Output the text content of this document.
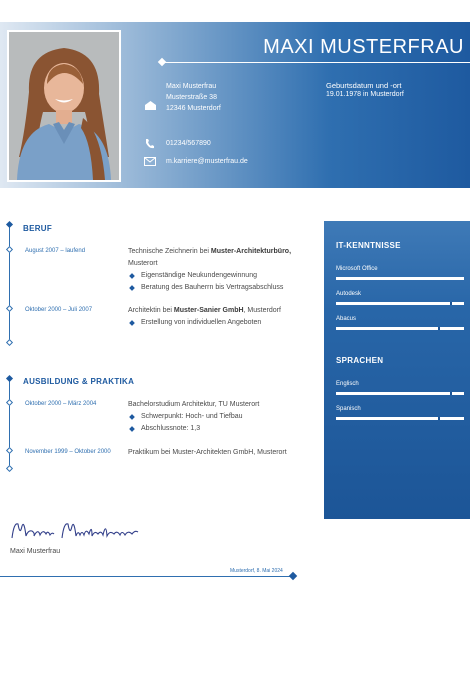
MAXI MUSTERFRAU
Maxi Musterfrau
Musterstraße 38
12346 Musterdorf
Geburtsdatum und -ort
19.01.1978 in Musterdorf
01234/567890
m.karriere@musterfrau.de
IT-KENNTNISSE
Microsoft Office
Autodesk
Abacus
SPRACHEN
Englisch
Spanisch
BERUF
August 2007 – laufend	Technische Zeichnerin bei Muster-Architekturbüro,
Musterort
Eigenständige Neukundengewinnung
Beratung des Bauherrn bis Vertragsabschluss
Oktober 2000 – Juli 2007	Architektin bei Muster-Sanier GmbH, Musterdorf
Erstellung von individuellen Angeboten
AUSBILDUNG & PRAKTIKA
Oktober 2000 – März 2004	Bachelorstudium Architektur, TU Musterort
Schwerpunkt: Hoch- und Tiefbau
Abschlussnote: 1,3
November 1999 – Oktober 2000 Praktikum bei Muster-Architekten GmbH, Musterort
Maxi Musterfrau
Musterdorf, 8. Mai 2024
